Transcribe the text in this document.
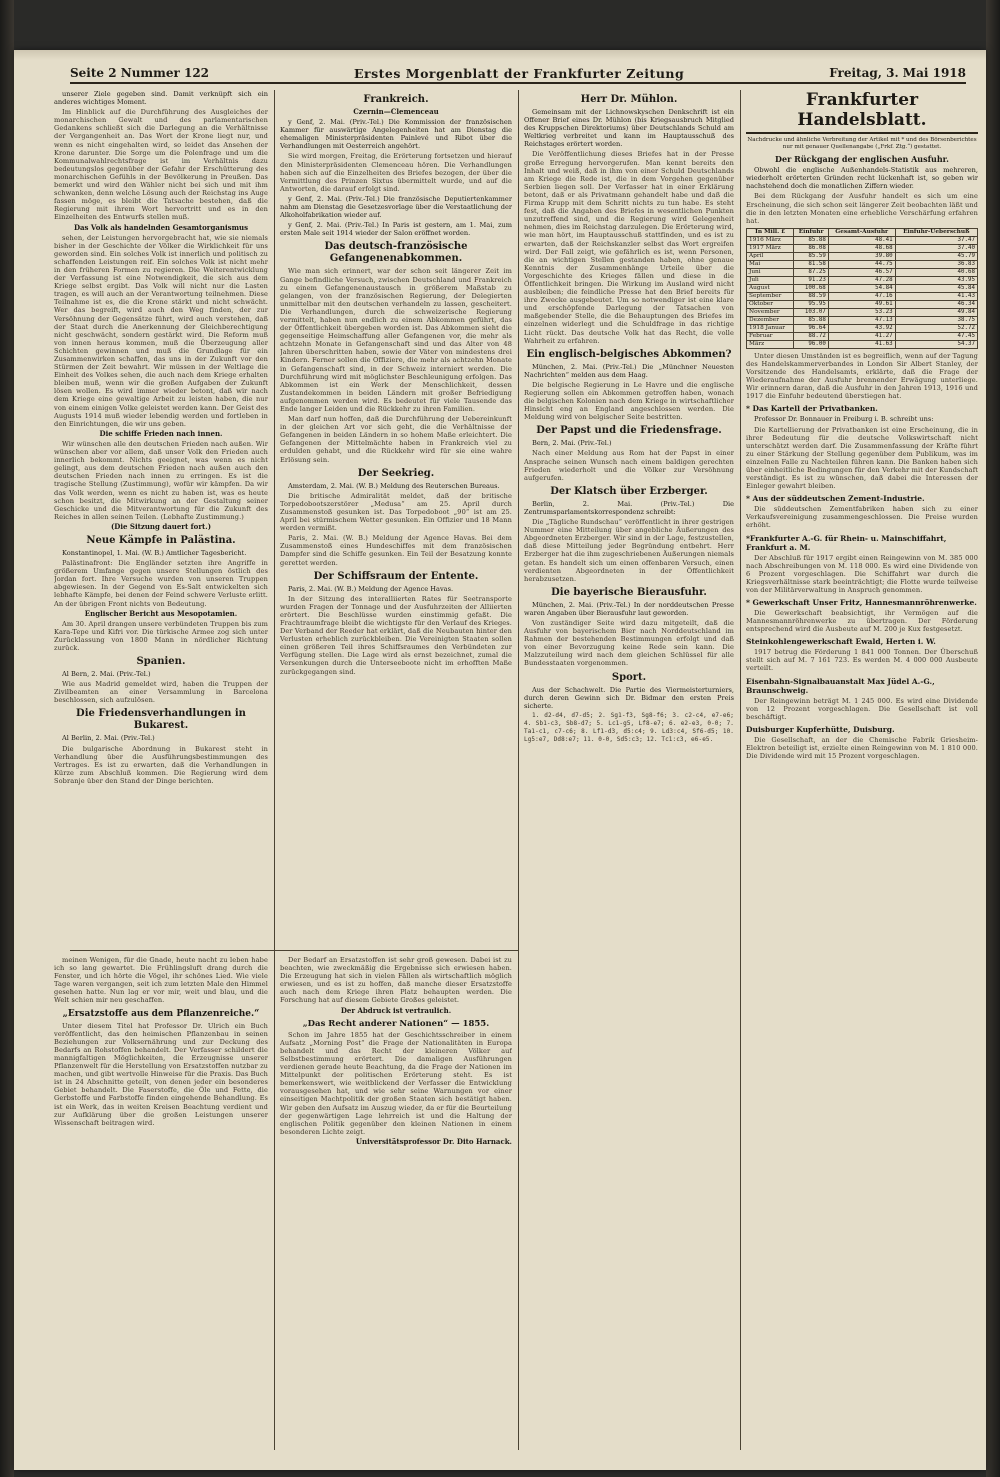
Seite 2 Nummer 122	Erstes Morgenblatt der Frankfurter Zeitung	Freitag, 3. Mai 1918
unserer Ziele gegeben sind. Damit verknüpft sich ein anderes wichtiges Moment.
Im Hinblick auf die Durchführung des Ausgleiches der monarchischen Gewalt und des parlamentarischen Gedankens schließt sich die Darlegung an die Verhältnisse der Vergangenheit an. Das Wort der Krone liegt nur, und wenn es nicht eingehalten wird, so leidet das Ansehen der Krone darunter. Die Sorge um die Polenfrage und um die Kommunalwahlrechtsfrage ist im Verhältnis dazu bedeutungslos gegenüber der Gefahr der Erschütterung des monarchischen Gefühls in der Bevölkerung in Preußen. Das bemerkt und wird den Wähler nicht bei sich und mit ihm schwanken, denn welche Lösung auch der Reichstag ins Auge fassen möge, es bleibt die Tatsache bestehen, daß die Regierung mit ihrem Wort hervortritt und es in den Einzelheiten des Entwurfs stellen muß.
Das Volk als handelnden Gesamtorganismus
sehen, der Leistungen hervorgebracht hat, wie sie niemals bisher in der Geschichte der Völker die Wirklichkeit für uns geworden sind. Ein solches Volk ist innerlich und politisch zu schaffenden Leistungen reif. Ein solches Volk ist nicht mehr in den früheren Formen zu regieren. Die Weiterentwicklung der Verfassung ist eine Notwendigkeit, die sich aus dem Kriege selbst ergibt. Das Volk will nicht nur die Lasten tragen, es will auch an der Verantwortung teilnehmen. Diese Teilnahme ist es, die die Krone stärkt und nicht schwächt. Wer das begreift, wird auch den Weg finden, der zur Versöhnung der Gegensätze führt, wird auch verstehen, daß der Staat durch die Anerkennung der Gleichberechtigung nicht geschwächt, sondern gestärkt wird. Die Reform muß von innen heraus kommen, muß die Überzeugung aller Schichten gewinnen und muß die Grundlage für ein Zusammenwirken schaffen, das uns in der Zukunft vor den Stürmen der Zeit bewahrt. Wir müssen in der Weltlage die Einheit des Volkes sehen, die auch nach dem Kriege erhalten bleiben muß, wenn wir die großen Aufgaben der Zukunft lösen wollen. Es wird immer wieder betont, daß wir nach dem Kriege eine gewaltige Arbeit zu leisten haben, die nur von einem einigen Volke geleistet werden kann. Der Geist des Augusts 1914 muß wieder lebendig werden und fortleben in den Einrichtungen, die wir uns geben.
Die schiffe Frieden nach innen.
Wir wünschen alle den deutschen Frieden nach außen. Wir wünschen aber vor allem, daß unser Volk den Frieden auch innerlich bekommt. Nichts geeignet, was wenn es nicht gelingt, aus dem deutschen Frieden nach außen auch den deutschen Frieden nach innen zu erringen. Es ist die tragische Stellung (Zustimmung), wofür wir kämpfen. Da wir das Volk werden, wenn es nicht zu haben ist, was es heute schon besitzt, die Mitwirkung an der Gestaltung seiner Geschicke und die Mitverantwortung für die Zukunft des Reiches in allen seinen Teilen. (Lebhafte Zustimmung.)
(Die Sitzung dauert fort.)
Neue Kämpfe in Palästina.
Konstantinopel, 1. Mai. (W. B.) Amtlicher Tagesbericht.
Palästinafront: Die Engländer setzten ihre Angriffe in größerem Umfange gegen unsere Stellungen östlich des Jordan fort. Ihre Versuche wurden von unseren Truppen abgewiesen. In der Gegend von Es-Salt entwickelten sich lebhafte Kämpfe, bei denen der Feind schwere Verluste erlitt. An der übrigen Front nichts von Bedeutung.
Englischer Bericht aus Mesopotamien.
Am 30. April drangen unsere verbündeten Truppen bis zum Kara-Tepe und Kifri vor. Die türkische Armee zog sich unter Zurücklassung von 1800 Mann in nördlicher Richtung zurück.
Spanien.
Al Bern, 2. Mai. (Priv.-Tel.)
Wie aus Madrid gemeldet wird, haben die Truppen der Zivilbeamten an einer Versammlung in Barcelona beschlossen, sich aufzulösen.
Die Friedensverhandlungen in Bukarest.
Al Berlin, 2. Mai. (Priv.-Tel.)
Die bulgarische Abordnung in Bukarest steht in Verhandlung über die Ausführungsbestimmungen des Vertrages. Es ist zu erwarten, daß die Verhandlungen in Kürze zum Abschluß kommen. Die Regierung wird dem Sobranje über den Stand der Dinge berichten.
Frankreich.
Czernin—Clemenceau
y Genf, 2. Mai. (Priv.-Tel.) Die Kommission der französischen Kammer für auswärtige Angelegenheiten hat am Dienstag die ehemaligen Ministerpräsidenten Painlevé und Ribot über die Verhandlungen mit Oesterreich angehört.
Sie wird morgen, Freitag, die Erörterung fortsetzen und hierauf den Ministerpräsidenten Clemenceau hören. Die Verhandlungen haben sich auf die Einzelheiten des Briefes bezogen, der über die Vermittlung des Prinzen Sixtus übermittelt wurde, und auf die Antworten, die darauf erfolgt sind.
y Genf, 2. Mai. (Priv.-Tel.) Die französische Deputiertenkammer nahm am Dienstag die Gesetzesvorlage über die Verstaatlichung der Alkoholfabrikation wieder auf.
y Genf, 2. Mai. (Priv.-Tel.) In Paris ist gestern, am 1. Mai, zum ersten Male seit 1914 wieder der Salon eröffnet worden.
Das deutsch-französische Gefangenenabkommen.
Wie man sich erinnert, war der schon seit längerer Zeit im Gange befindliche Versuch, zwischen Deutschland und Frankreich zu einem Gefangenenaustausch in größerem Maßstab zu gelangen, von der französischen Regierung, der Delegierten unmittelbar mit den deutschen verhandeln zu lassen, gescheitert. Die Verhandlungen, durch die schweizerische Regierung vermittelt, haben nun endlich zu einem Abkommen geführt, das der Öffentlichkeit übergeben worden ist. Das Abkommen sieht die gegenseitige Heimschaffung aller Gefangenen vor, die mehr als achtzehn Monate in Gefangenschaft sind und das Alter von 48 Jahren überschritten haben, sowie der Väter von mindestens drei Kindern. Ferner sollen die Offiziere, die mehr als achtzehn Monate in Gefangenschaft sind, in der Schweiz interniert werden. Die Durchführung wird mit möglichster Beschleunigung erfolgen. Das Abkommen ist ein Werk der Menschlichkeit, dessen Zustandekommen in beiden Ländern mit großer Befriedigung aufgenommen werden wird. Es bedeutet für viele Tausende das Ende langer Leiden und die Rückkehr zu ihren Familien.
Man darf nun hoffen, daß die Durchführung der Uebereinkunft in der gleichen Art vor sich geht, die die Verhältnisse der Gefangenen in beiden Ländern in so hohem Maße erleichtert. Die Gefangenen der Mittelmächte haben in Frankreich viel zu erdulden gehabt, und die Rückkehr wird für sie eine wahre Erlösung sein.
Der Seekrieg.
Amsterdam, 2. Mai. (W. B.) Meldung des Reuterschen Bureaus.
Die britische Admiralität meldet, daß der britische Torpedobootszerstörer „Medusa“ am 25. April durch Zusammenstoß gesunken ist. Das Torpedoboot „90“ ist am 25. April bei stürmischem Wetter gesunken. Ein Offizier und 18 Mann werden vermißt.
Paris, 2. Mai. (W. B.) Meldung der Agence Havas. Bei dem Zusammenstoß eines Hundeschiffes mit dem französischen Dampfer sind die Schiffe gesunken. Ein Teil der Besatzung konnte gerettet werden.
Der Schiffsraum der Entente.
Paris, 2. Mai. (W. B.) Meldung der Agence Havas.
In der Sitzung des interalliierten Rates für Seetransporte wurden Fragen der Tonnage und der Ausfuhrzeiten der Alliierten erörtert. Die Beschlüsse wurden einstimmig gefaßt. Die Frachtraumfrage bleibt die wichtigste für den Verlauf des Krieges. Der Verband der Reeder hat erklärt, daß die Neubauten hinter den Verlusten erheblich zurückbleiben. Die Vereinigten Staaten sollen einen größeren Teil ihres Schiffsraumes den Verbündeten zur Verfügung stellen. Die Lage wird als ernst bezeichnet, zumal die Versenkungen durch die Unterseeboote nicht im erhofften Maße zurückgegangen sind.
Herr Dr. Mühlon.
Gemeinsam mit der Lichnowskyschen Denkschrift ist ein Offener Brief eines Dr. Mühlon (bis Kriegsausbruch Mitglied des Kruppschen Direktoriums) über Deutschlands Schuld am Weltkrieg verbreitet und kann im Hauptausschuß des Reichstages erörtert worden.
Die Veröffentlichung dieses Briefes hat in der Presse große Erregung hervorgerufen. Man kennt bereits den Inhalt und weiß, daß in ihm von einer Schuld Deutschlands am Kriege die Rede ist, die in dem Vorgehen gegenüber Serbien liegen soll. Der Verfasser hat in einer Erklärung betont, daß er als Privatmann gehandelt habe und daß die Firma Krupp mit dem Schritt nichts zu tun habe. Es steht fest, daß die Angaben des Briefes in wesentlichen Punkten unzutreffend sind, und die Regierung wird Gelegenheit nehmen, dies im Reichstag darzulegen. Die Erörterung wird, wie man hört, im Hauptausschuß stattfinden, und es ist zu erwarten, daß der Reichskanzler selbst das Wort ergreifen wird. Der Fall zeigt, wie gefährlich es ist, wenn Personen, die an wichtigen Stellen gestanden haben, ohne genaue Kenntnis der Zusammenhänge Urteile über die Vorgeschichte des Krieges fällen und diese in die Öffentlichkeit bringen. Die Wirkung im Ausland wird nicht ausbleiben; die feindliche Presse hat den Brief bereits für ihre Zwecke ausgebeutet. Um so notwendiger ist eine klare und erschöpfende Darlegung der Tatsachen von maßgebender Stelle, die die Behauptungen des Briefes im einzelnen widerlegt und die Schuldfrage in das richtige Licht rückt. Das deutsche Volk hat das Recht, die volle Wahrheit zu erfahren.
Ein englisch-belgisches Abkommen?
München, 2. Mai. (Priv.-Tel.) Die „Münchner Neuesten Nachrichten“ melden aus dem Haag.
Die belgische Regierung in Le Havre und die englische Regierung sollen ein Abkommen getroffen haben, wonach die belgischen Kolonien nach dem Kriege in wirtschaftlicher Hinsicht eng an England angeschlossen werden. Die Meldung wird von belgischer Seite bestritten.
Der Papst und die Friedensfrage.
Bern, 2. Mai. (Priv.-Tel.)
Nach einer Meldung aus Rom hat der Papst in einer Ansprache seinen Wunsch nach einem baldigen gerechten Frieden wiederholt und die Völker zur Versöhnung aufgerufen.
Der Klatsch über Erzberger.
Berlin, 2. Mai. (Priv.-Tel.) Die Zentrumsparlamentskorrespondenz schreibt:
Die „Tägliche Rundschau“ veröffentlicht in ihrer gestrigen Nummer eine Mitteilung über angebliche Äußerungen des Abgeordneten Erzberger. Wir sind in der Lage, festzustellen, daß diese Mitteilung jeder Begründung entbehrt. Herr Erzberger hat die ihm zugeschriebenen Äußerungen niemals getan. Es handelt sich um einen offenbaren Versuch, einen verdienten Abgeordneten in der Öffentlichkeit herabzusetzen.
Die bayerische Bierausfuhr.
München, 2. Mai. (Priv.-Tel.) In der norddeutschen Presse waren Angaben über Bierausfuhr laut geworden.
Von zuständiger Seite wird dazu mitgeteilt, daß die Ausfuhr von bayerischem Bier nach Norddeutschland im Rahmen der bestehenden Bestimmungen erfolgt und daß von einer Bevorzugung keine Rede sein kann. Die Malzzuteilung wird nach dem gleichen Schlüssel für alle Bundesstaaten vorgenommen.
Sport.
Aus der Schachwelt. Die Partie des Viermeisterturniers, durch deren Gewinn sich Dr. Bidmar den ersten Preis sicherte.
1. d2-d4, d7-d5; 2. Sg1-f3, Sg8-f6; 3. c2-c4, e7-e6; 4. Sb1-c3, Sb8-d7; 5. Lc1-g5, Lf8-e7; 6. e2-e3, 0-0; 7. Ta1-c1, c7-c6; 8. Lf1-d3, d5:c4; 9. Ld3:c4, Sf6-d5; 10. Lg5:e7, Dd8:e7; 11. 0-0, Sd5:c3; 12. Tc1:c3, e6-e5.
Frankfurter Handelsblatt.
Nachdrucke und ähnliche Verbreitung der Artikel mit * und des Börsenberichtes nur mit genauer Quellenangabe („Frkf. Ztg.“) gestattet.
Der Rückgang der englischen Ausfuhr.
Obwohl die englische Außenhandels-Statistik aus mehreren, wiederholt erörterten Gründen recht lückenhaft ist, so geben wir nachstehend doch die monatlichen Ziffern wieder.
Bei dem Rückgang der Ausfuhr handelt es sich um eine Erscheinung, die sich schon seit längerer Zeit beobachten läßt und die in den letzten Monaten eine erhebliche Verschärfung erfahren hat.
In Mill. £	Einfuhr	Gesamt-Ausfuhr	Einfuhr-Ueberschuß
1916 März	85.88	48.41	37.47
1917 März	86.08	48.68	37.40
April	85.59	39.80	45.79
Mai	81.58	44.75	36.83
Juni	87.25	46.57	40.68
Juli	91.23	47.28	43.95
August	100.68	54.84	45.84
September	88.59	47.16	41.43
Oktober	95.95	49.61	46.34
November	103.07	53.23	49.84
Dezember	85.88	47.13	38.75
1918 Januar	96.64	43.92	52.72
Februar	88.72	41.27	47.45
März	96.00	41.63	54.37
Unter diesen Umständen ist es begreiflich, wenn auf der Tagung des Handelskammerverbandes in London Sir Albert Stanley, der Vorsitzende des Handelsamts, erklärte, daß die Frage der Wiederaufnahme der Ausfuhr brennender Erwägung unterliege. Wir erinnern daran, daß die Ausfuhr in den Jahren 1913, 1916 und 1917 die Einfuhr bedeutend überstiegen hat.
* Das Kartell der Privatbanken.
Professor Dr. Bonnauer in Freiburg i. B. schreibt uns:
Die Kartellierung der Privatbanken ist eine Erscheinung, die in ihrer Bedeutung für die deutsche Volkswirtschaft nicht unterschätzt werden darf. Die Zusammenfassung der Kräfte führt zu einer Stärkung der Stellung gegenüber dem Publikum, was im einzelnen Falle zu Nachteilen führen kann. Die Banken haben sich über einheitliche Bedingungen für den Verkehr mit der Kundschaft verständigt. Es ist zu wünschen, daß dabei die Interessen der Einleger gewahrt bleiben.
* Aus der süddeutschen Zement-Industrie.
Die süddeutschen Zementfabriken haben sich zu einer Verkaufsvereinigung zusammengeschlossen. Die Preise wurden erhöht.
*Frankfurter A.-G. für Rhein- u. Mainschiffahrt, Frankfurt a. M.
Der Abschluß für 1917 ergibt einen Reingewinn von M. 385 000 nach Abschreibungen von M. 118 000. Es wird eine Dividende von 6 Prozent vorgeschlagen. Die Schiffahrt war durch die Kriegsverhältnisse stark beeinträchtigt; die Flotte wurde teilweise von der Militärverwaltung in Anspruch genommen.
* Gewerkschaft Unser Fritz, Hannesmannröhrenwerke.
Die Gewerkschaft beabsichtigt, ihr Vermögen auf die Mannesmannröhrenwerke zu übertragen. Der Förderung entsprechend wird die Ausbeute auf M. 200 je Kux festgesetzt.
Steinkohlengewerkschaft Ewald, Herten i. W.
1917 betrug die Förderung 1 841 000 Tonnen. Der Überschuß stellt sich auf M. 7 161 723. Es werden M. 4 000 000 Ausbeute verteilt.
Eisenbahn-Signalbauanstalt Max Jüdel A.-G., Braunschweig.
Der Reingewinn beträgt M. 1 245 000. Es wird eine Dividende von 12 Prozent vorgeschlagen. Die Gesellschaft ist voll beschäftigt.
Duisburger Kupferhütte, Duisburg.
Die Gesellschaft, an der die Chemische Fabrik Griesheim-Elektron beteiligt ist, erzielte einen Reingewinn von M. 1 810 000. Die Dividende wird mit 15 Prozent vorgeschlagen.
meinen Wenigen, für die Gnade, heute nacht zu leben habe ich so lang gewartet. Die Frühlingsluft drang durch die Fenster, und ich hörte die Vögel, ihr schönes Lied. Wie viele Tage waren vergangen, seit ich zum letzten Male den Himmel gesehen hatte. Nun lag er vor mir, weit und blau, und die Welt schien mir neu geschaffen.
„Ersatzstoffe aus dem Pflanzenreiche.“
Unter diesem Titel hat Professor Dr. Ulrich ein Buch veröffentlicht, das den heimischen Pflanzenbau in seinen Beziehungen zur Volksernährung und zur Deckung des Bedarfs an Rohstoffen behandelt. Der Verfasser schildert die mannigfaltigen Möglichkeiten, die Erzeugnisse unserer Pflanzenwelt für die Herstellung von Ersatzstoffen nutzbar zu machen, und gibt wertvolle Hinweise für die Praxis. Das Buch ist in 24 Abschnitte geteilt, von denen jeder ein besonderes Gebiet behandelt. Die Faserstoffe, die Öle und Fette, die Gerbstoffe und Farbstoffe finden eingehende Behandlung. Es ist ein Werk, das in weiten Kreisen Beachtung verdient und zur Aufklärung über die großen Leistungen unserer Wissenschaft beitragen wird.
Der Bedarf an Ersatzstoffen ist sehr groß gewesen. Dabei ist zu beachten, wie zweckmäßig die Ergebnisse sich erwiesen haben. Die Erzeugung hat sich in vielen Fällen als wirtschaftlich möglich erwiesen, und es ist zu hoffen, daß manche dieser Ersatzstoffe auch nach dem Kriege ihren Platz behaupten werden. Die Forschung hat auf diesem Gebiete Großes geleistet.
Der Abdruck ist vertraulich.
„Das Recht anderer Nationen“ — 1855.
Schon im Jahre 1855 hat der Geschichtsschreiber in einem Aufsatz „Morning Post“ die Frage der Nationalitäten in Europa behandelt und das Recht der kleineren Völker auf Selbstbestimmung erörtert. Die damaligen Ausführungen verdienen gerade heute Beachtung, da die Frage der Nationen im Mittelpunkt der politischen Erörterung steht. Es ist bemerkenswert, wie weitblickend der Verfasser die Entwicklung vorausgesehen hat, und wie sehr seine Warnungen vor einer einseitigen Machtpolitik der großen Staaten sich bestätigt haben. Wir geben den Aufsatz im Auszug wieder, da er für die Beurteilung der gegenwärtigen Lage lehrreich ist und die Haltung der englischen Politik gegenüber den kleinen Nationen in einem besonderen Lichte zeigt.
Universitätsprofessor Dr. Dito Harnack.
